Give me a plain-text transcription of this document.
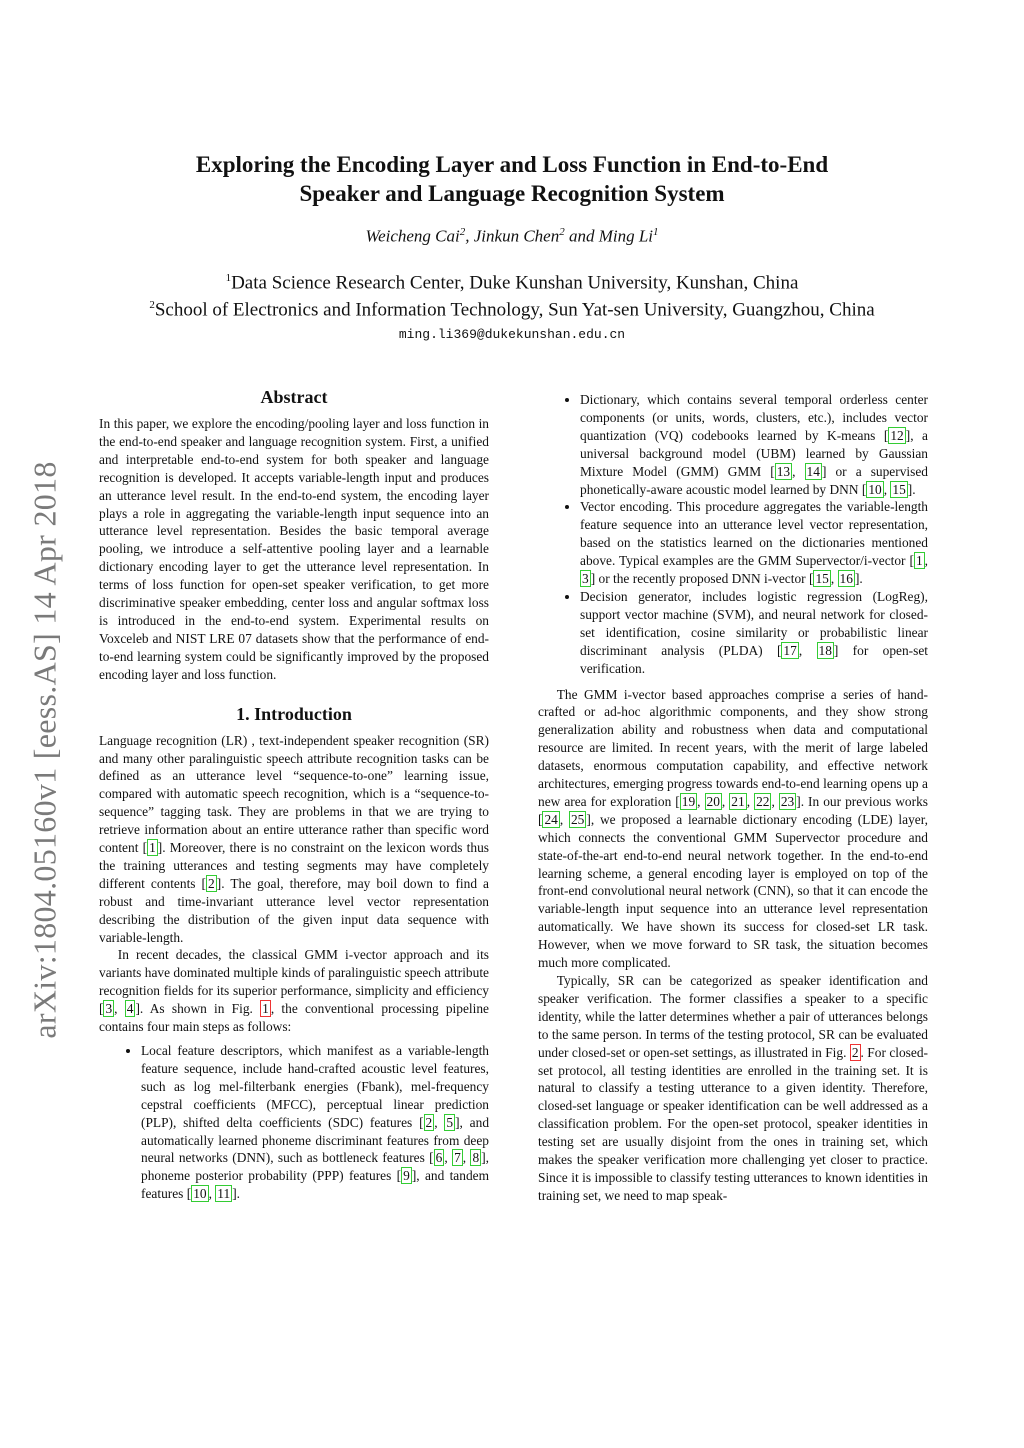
arXiv:1804.05160v1 [eess.AS] 14 Apr 2018
Exploring the Encoding Layer and Loss Function in End-to-End
Speaker and Language Recognition System
Weicheng Cai$^2$, Jinkun Chen$^2$ and Ming Li$^1$
$^1$Data Science Research Center, Duke Kunshan University, Kunshan, China
$^2$School of Electronics and Information Technology, Sun Yat-sen University, Guangzhou, China
ming.li369@dukekunshan.edu.cn
Abstract

In this paper, we explore the encoding/pooling layer and loss function in the end-to-end speaker and language recognition system. First, a unified and interpretable end-to-end system for both speaker and language recognition is developed. It accepts variable-length input and produces an utterance level result. In the end-to-end system, the encoding layer plays a role in aggregating the variable-length input sequence into an utterance level representation. Besides the basic temporal average pooling, we introduce a self-attentive pooling layer and a learnable dictionary encoding layer to get the utterance level representation. In terms of loss function for open-set speaker verification, to get more discriminative speaker embedding, center loss and angular softmax loss is introduced in the end-to-end system. Experimental results on Voxceleb and NIST LRE 07 datasets show that the performance of end-to-end learning system could be significantly improved by the proposed encoding layer and loss function.

1. Introduction

Language recognition (LR) , text-independent speaker recognition (SR) and many other paralinguistic speech attribute recognition tasks can be defined as an utterance level “sequence-to-one” learning issue, compared with automatic speech recognition, which is a “sequence-to-sequence” tagging task. They are problems in that we are trying to retrieve information about an entire utterance rather than specific word content [ 1 ]. Moreover, there is no constraint on the lexicon words thus the training utterances and testing segments may have completely different contents [ 2 ]. The goal, therefore, may boil down to find a robust and time-invariant utterance level vector representation describing the distribution of the given input data sequence with variable-length.

In recent decades, the classical GMM i-vector approach and its variants have dominated multiple kinds of paralinguistic speech attribute recognition fields for its superior performance, simplicity and efficiency [ 3 , 4 ]. As shown in Fig. 1 , the conventional processing pipeline contains four main steps as follows:

• Local feature descriptors, which manifest as a variable-length feature sequence, include hand-crafted acoustic level features, such as log mel-filterbank energies (Fbank), mel-frequency cepstral coefficients (MFCC), perceptual linear prediction (PLP), shifted delta coefficients (SDC) features [ 2 , 5 ], and automatically learned phoneme discriminant features from deep neural networks (DNN), such as bottleneck features [ 6 , 7 , 8 ], phoneme posterior probability (PPP) features [ 9 ], and tandem features [ 10 , 11 ].
• Dictionary, which contains several temporal orderless center components (or units, words, clusters, etc.), includes vector quantization (VQ) codebooks learned by K-means [ 12 ], a universal background model (UBM) learned by Gaussian Mixture Model (GMM) GMM [ 13 , 14 ] or a supervised phonetically-aware acoustic model learned by DNN [ 10 , 15 ].
• Vector encoding. This procedure aggregates the variable-length feature sequence into an utterance level vector representation, based on the statistics learned on the dictionaries mentioned above. Typical examples are the GMM Supervector/i-vector [ 1 , 3 ] or the recently proposed DNN i-vector [ 15 , 16 ].
• Decision generator, includes logistic regression (LogReg), support vector machine (SVM), and neural network for closed-set identification, cosine similarity or probabilistic linear discriminant analysis (PLDA) [ 17 , 18 ] for open-set verification.

The GMM i-vector based approaches comprise a series of hand-crafted or ad-hoc algorithmic components, and they show strong generalization ability and robustness when data and computational resource are limited. In recent years, with the merit of large labeled datasets, enormous computation capability, and effective network architectures, emerging progress towards end-to-end learning opens up a new area for exploration [ 19 , 20 , 21 , 22 , 23 ]. In our previous works [ 24 , 25 ], we proposed a learnable dictionary encoding (LDE) layer, which connects the conventional GMM Supervector procedure and state-of-the-art end-to-end neural network together. In the end-to-end learning scheme, a general encoding layer is employed on top of the front-end convolutional neural network (CNN), so that it can encode the variable-length input sequence into an utterance level representation automatically. We have shown its success for closed-set LR task. However, when we move forward to SR task, the situation becomes much more complicated.

Typically, SR can be categorized as speaker identification and speaker verification. The former classifies a speaker to a specific identity, while the latter determines whether a pair of utterances belongs to the same person. In terms of the testing protocol, SR can be evaluated under closed-set or open-set settings, as illustrated in Fig. 2 . For closed-set protocol, all testing identities are enrolled in the training set. It is natural to classify a testing utterance to a given identity. Therefore, closed-set language or speaker identification can be well addressed as a classification problem. For the open-set protocol, speaker identities in testing set are usually disjoint from the ones in training set, which makes the speaker verification more challenging yet closer to practice. Since it is impossible to classify testing utterances to known identities in training set, we need to map speak-
